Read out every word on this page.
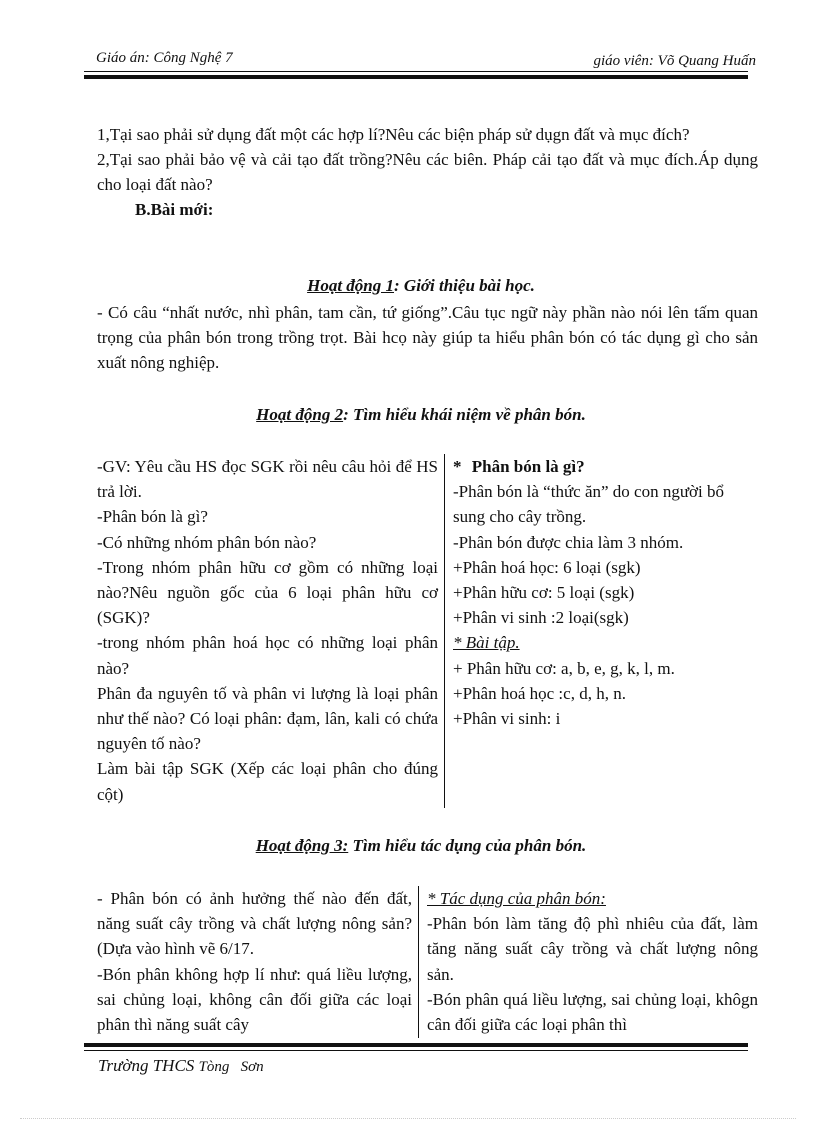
Giáo án: Công Nghệ 7	giáo viên: Võ Quang Huấn
1,Tại sao phải sử dụng đất một các hợp lí?Nêu các biện pháp sử dụgn đất và mục đích?
2,Tại sao phải bảo vệ và cải tạo đất trồng?Nêu các biên. Pháp cải tạo đất và mục đích.Áp dụng cho loại đất nào?
B.Bài mới:
Hoạt động 1: Giới thiệu bài học.
- Có câu “nhất nước, nhì phân, tam cần, tứ giống”.Câu tục ngữ này phần nào nói lên tấm quan trọng của phân bón trong trồng trọt. Bài hcọ này giúp ta hiểu phân bón có tác dụng gì cho sản xuất nông nghiệp.
Hoạt động 2: Tìm hiểu khái niệm về phân bón.
-GV: Yêu cầu HS đọc SGK rồi nêu câu hỏi để HS trả lời.
-Phân bón là gì?
-Có những nhóm phân bón nào?
-Trong nhóm phân hữu cơ gồm có những loại nào?Nêu nguồn gốc của 6 loại phân hữu cơ (SGK)?
-trong nhóm phân hoá học có những loại phân nào?
Phân đa nguyên tố và phân vi lượng là loại phân như thế nào? Có loại phân: đạm, lân, kali có chứa nguyên tố nào?
Làm bài tập SGK (Xếp các loại phân cho đúng cột)
* Phân bón là gì?
-Phân bón là “thức ăn” do con người bổ sung cho cây trồng.
-Phân bón được chia làm 3 nhóm.
+Phân hoá học: 6 loại (sgk)
+Phân hữu cơ: 5 loại (sgk)
+Phân vi sinh :2 loại(sgk)
* Bài tập.
+ Phân hữu cơ: a, b, e, g, k, l, m.
+Phân hoá học :c, d, h, n.
+Phân vi sinh: i
Hoạt động 3: Tìm hiểu tác dụng của phân bón.
- Phân bón có ảnh hưởng thế nào đến đất, năng suất cây trồng và chất lượng nông sản? (Dựa vào hình vẽ 6/17.
-Bón phân không hợp lí như: quá liều lượng, sai chủng loại, không cân đối giữa các loại phân thì năng suất cây
* Tác dụng của phân bón:
-Phân bón làm tăng độ phì nhiêu của đất, làm tăng năng suất cây trồng và chất lượng nông sản.
-Bón phân quá liều lượng, sai chủng loại, khôgn cân đối giữa các loại phân thì
Trường THCS Tòng   Sơn
